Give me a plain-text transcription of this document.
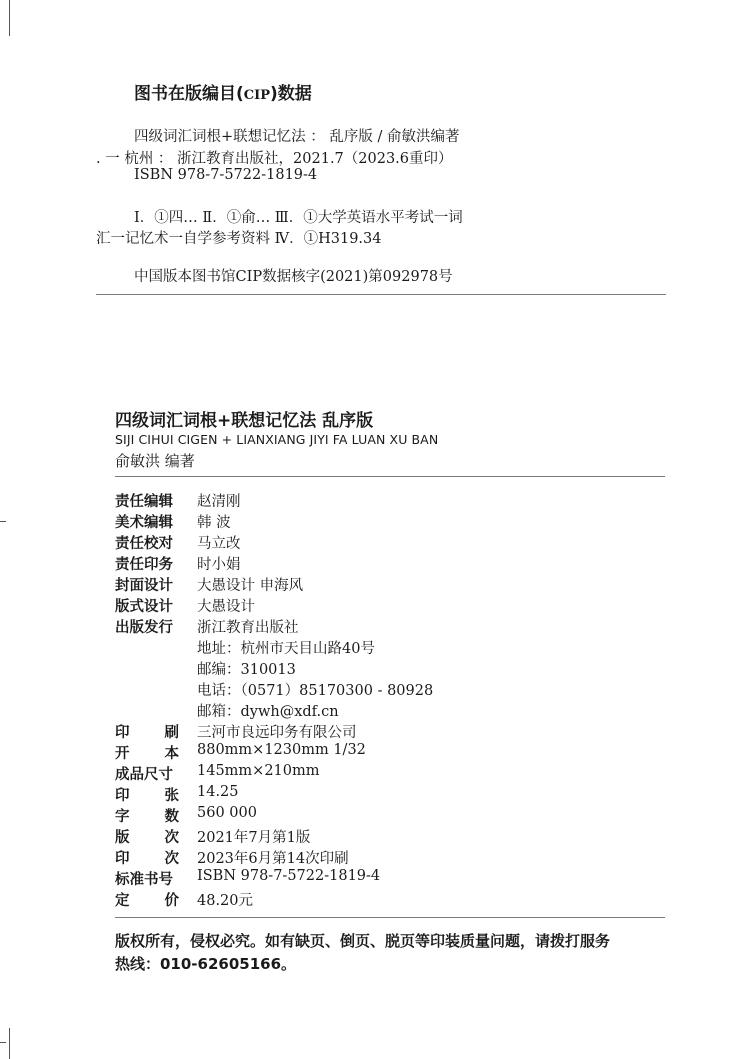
图书在版编目(CIP)数据
四级词汇词根+联想记忆法 ： 乱序版 / 俞敏洪编著
. 一 杭州 ： 浙江教育出版社，2021.7（2023.6重印）
ISBN 978-7-5722-1819-4
Ⅰ．①四… Ⅱ．①俞… Ⅲ．①大学英语水平考试一词
汇一记忆术一自学参考资料 Ⅳ．①H319.34
中国版本图书馆CIP数据核字(2021)第092978号
四级词汇词根+联想记忆法 乱序版
SIJI CIHUI CIGEN + LIANXIANG JIYI FA LUAN XU BAN
俞敏洪 编著
责任编辑 赵清刚
美术编辑 韩 波
责任校对 马立改
责任印务 时小娟
封面设计 大愚设计 申海风
版式设计 大愚设计
出版发行 浙江教育出版社
地址：杭州市天目山路40号
邮编：310013
电话：（0571）85170300 - 80928
邮箱：dywh@xdf.cn
印 刷 三河市良远印务有限公司
开 本 880mm×1230mm 1/32
成品尺寸 145mm×210mm
印 张 14.25
字 数 560 000
版 次 2021年7月第1版
印 次 2023年6月第14次印刷
标准书号 ISBN 978-7-5722-1819-4
定 价 48.20元
版权所有，侵权必究。如有缺页、倒页、脱页等印装质量问题，请拨打服务
热线：010-62605166。
